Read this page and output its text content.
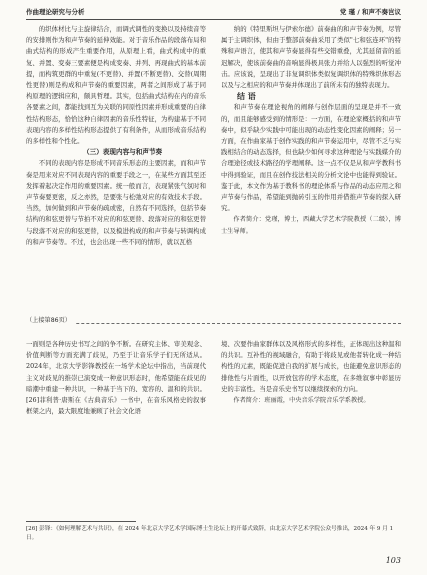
作曲理论研究与分析	党 瑾 / 和声不奏岂议

的织体材比与主旋律结合，而调式调性的变换以及持续音等的安排则作为和声节奏的延伸效能。对于音乐作品的段落布局和曲式结构的形成产生重要作用，从原理上看，曲式构成中的重复、并置、变奏三要素便是构成变奏、并列、再现曲式的基本前提，而构筑更群的中重复(不更替)、并置(不断更替)、交替(周期性更替)则是构成和声节奏的重要因素，两者之间形成了基于同构原理的逻辑应和，颇具哲理。其实，包括曲式结构在内的音乐各要素之间，都能找到互为关联的同原性因素并形成重要的自律性结构形态，恰恰这种自律因素的音乐性特征，为构建基于不同表现内容的多样性结构形态提供了有利条件，从而形成音乐结构的多样性和个性化。

（三）表现内容与和声节奏

不同的表现内容是形成不同音乐形态的主要因素，而和声节奏是用来对应不同表现内容的重要手段之一，在某些方面其至还发挥着起决定作用的重要因素。统一般而言，表现紧张气氛时和声节奏要更密，反之亦然，是要张与松弛对应的有效技术手段。当然，加何做到和声节奏的疏或密，自然有不同选择，包括节奏结构的和弦更替与节拍不对应的和弦更替、段落对应的和弦更替与段落不对应的和弦更替，以及模进构成的和声节奏与转调构成的和声节奏等。不过，也会出现一些不同的情形，就以瓦格

纳的《特里斯坦与伊索尔德》前奏曲的和声节奏为例，尽管属于主调织体，但由于整部前奏曲采用了类似"七和弦连环"的特殊和声语言，使其和声节奏显得有些交错重叠，尤其延留音的延迟解决，使该前奏曲的音响显得极具张力并给人以强烈的听觉冲击。应该说，呈现出了非复调织体类似复调织体的特殊织体形态以及与之相应的和声节奏并体现出了前所未有的独特表现力。

结 语

和声节奏在理论视角的阐释与创作层面的呈现是并不一致的，而且能够感受到的情形是：一方面，在理论家概括的和声节奏中，似乎缺少实践中可能出现的动态性变化因素的阐释；另一方面，在作曲家基于创作实践的和声节奏运用中，尽管不乏与实践相结合的动态选择，但也缺少如何寻求这种理论与实践媒介的合理途径或技术路径的学理阐释。这一点不仅是从和声学教科书中得到验证，而且在创作技法相关的分析文论中也能得到验证。鉴于此，本文作为基于教科书的理论体系与作品的动态应用之和声节奏与作品，希望能到抛砖引玉的作用并借推声节奏的探入研究。

作者简介：党瑾，博士，西藏大学艺术学院教授（二级），博士生导师。

（上接第86页）

一面则是各种历史书写之间的争不断。在研究主体、审美观念、价值判断等方面充满了歧见，乃至于让音乐学子们无所适从。2024年，北京大学影锋教授在一场学术论坛中指出，当前现代主义对歧见的推崇已演变成一种意识形态时，他希望能在歧见的暗潮中重建一种共识，一种基于当下的、宽容的、温和的共识。[26]菲利普·唐斯在《古典音乐》一书中，在音乐风格史的叙事框架之内，最大限度地兼顾了社会文化语

境、次要作曲家群体以及风格形式的多样性，正体现出这种温和的共识。互补性的视域融合，有助于将歧见或他者转化成一种结构性的元素，既能促进自我的扩展与成长，也能避免意识形态的排他性与片面性，以开放包容的学术态度，在多维叙事中彰显历史的丰富性。当是音乐史书写以继续探索的方向。

作者简介：班丽霞，中央音乐学院音乐学系教授。

[26] 彭锋：《如何理解艺术与共识》，在 2024 年北京大学艺术学国际博士生论坛上的开幕式致辞，由北京大学艺术学院公众号推出，2024 年 9 月 1 日。
103
